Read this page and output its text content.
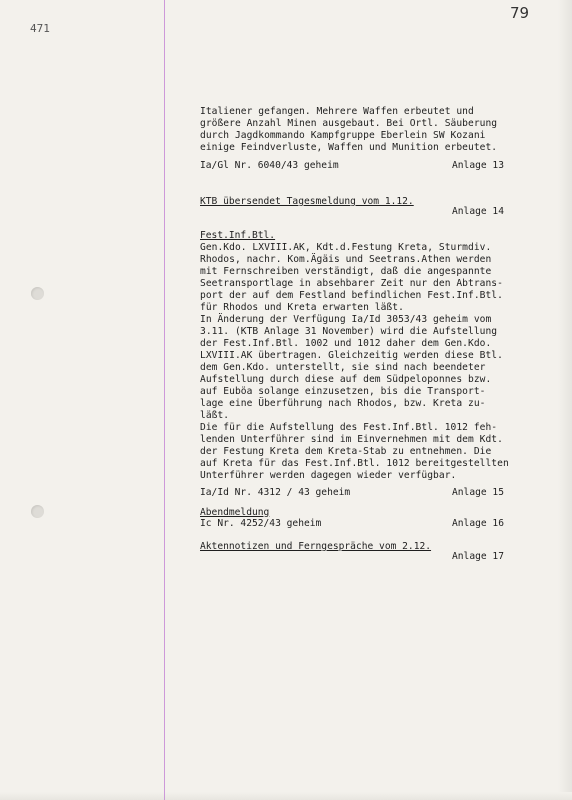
471
79
Italiener gefangen. Mehrere Waffen erbeutet und
größere Anzahl Minen ausgebaut. Bei Ortl. Säuberung
durch Jagdkommando Kampfgruppe Eberlein SW Kozani
einige Feindverluste, Waffen und Munition erbeutet.
Ia/Gl Nr. 6040/43 geheim	Anlage 13
KTB übersendet Tagesmeldung vom 1.12.
Anlage 14
Fest.Inf.Btl.
Gen.Kdo. LXVIII.AK, Kdt.d.Festung Kreta, Sturmdiv.
Rhodos, nachr. Kom.Ägäis und Seetrans.Athen werden
mit Fernschreiben verständigt, daß die angespannte
Seetransportlage in absehbarer Zeit nur den Abtrans-
port der auf dem Festland befindlichen Fest.Inf.Btl.
für Rhodos und Kreta erwarten läßt.
In Änderung der Verfügung Ia/Id 3053/43 geheim vom
3.11. (KTB Anlage 31 November) wird die Aufstellung
der Fest.Inf.Btl. 1002 und 1012 daher dem Gen.Kdo.
LXVIII.AK übertragen. Gleichzeitig werden diese Btl.
dem Gen.Kdo. unterstellt, sie sind nach beendeter
Aufstellung durch diese auf dem Südpeloponnes bzw.
auf Euböa solange einzusetzen, bis die Transport-
lage eine Überführung nach Rhodos, bzw. Kreta zu-
läßt.
Die für die Aufstellung des Fest.Inf.Btl. 1012 feh-
lenden Unterführer sind im Einvernehmen mit dem Kdt.
der Festung Kreta dem Kreta-Stab zu entnehmen. Die
auf Kreta für das Fest.Inf.Btl. 1012 bereitgestellten
Unterführer werden dagegen wieder verfügbar.
Ia/Id Nr. 4312 / 43 geheim	Anlage 15
Abendmeldung
Ic Nr. 4252/43 geheim	Anlage 16
Aktennotizen und Ferngespräche vom 2.12.
Anlage 17
